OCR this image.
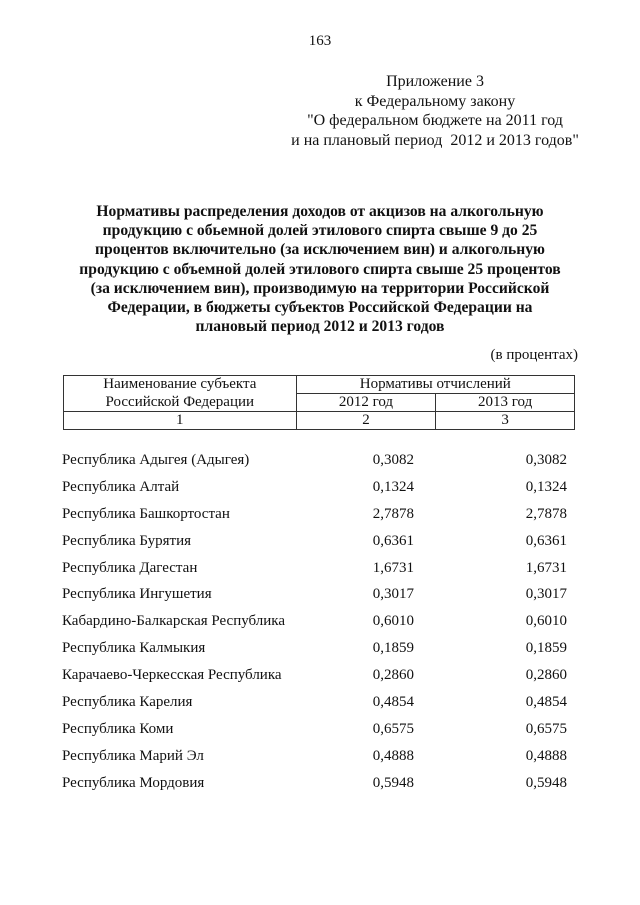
163
Приложение 3
к Федеральному закону
"О федеральном бюджете на 2011 год
и на плановый период  2012 и 2013 годов"
Нормативы распределения доходов от акцизов на алкогольную
продукцию с обьемной долей этилового спирта свыше 9 до 25
процентов включительно (за исключением вин) и алкогольную
продукцию с объемной долей этилового спирта свыше 25 процентов
(за исключением вин), производимую на территории Российской
Федерации, в бюджеты субъектов Российской Федерации на
плановый период 2012 и 2013 годов
(в процентах)
Наименование субъекта	Нормативы отчислений	
Российской Федерации	2012 год	2013 год
1	2	3
Республика Адыгея (Адыгея)	0,3082	0,3082
Республика Алтай	0,1324	0,1324
Республика Башкортостан	2,7878	2,7878
Республика Бурятия	0,6361	0,6361
Республика Дагестан	1,6731	1,6731
Республика Ингушетия	0,3017	0,3017
Кабардино-Балкарская Республика	0,6010	0,6010
Республика Калмыкия	0,1859	0,1859
Карачаево-Черкесская Республика	0,2860	0,2860
Республика Карелия	0,4854	0,4854
Республика Коми	0,6575	0,6575
Республика Марий Эл	0,4888	0,4888
Республика Мордовия	0,5948	0,5948
